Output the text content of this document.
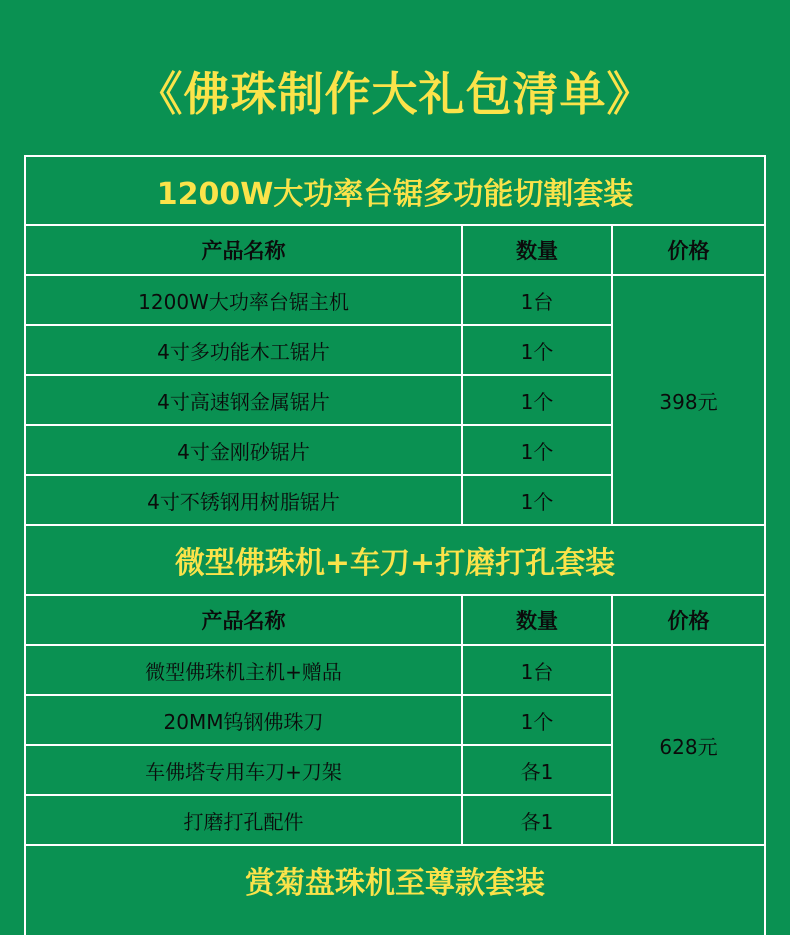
《佛珠制作大礼包清单》
1200W大功率台锯多功能切割套装
产品名称	数量	价格
1200W大功率台锯主机	1台
4寸多功能木工锯片	1个
4寸高速钢金属锯片	1个
4寸金刚砂锯片	1个
4寸不锈钢用树脂锯片	1个
398元
微型佛珠机+车刀+打磨打孔套装
产品名称	数量	价格
微型佛珠机主机+赠品	1台
20MM钨钢佛珠刀	1个
车佛塔专用车刀+刀架	各1
打磨打孔配件	各1
628元
赏菊盘珠机至尊款套装
